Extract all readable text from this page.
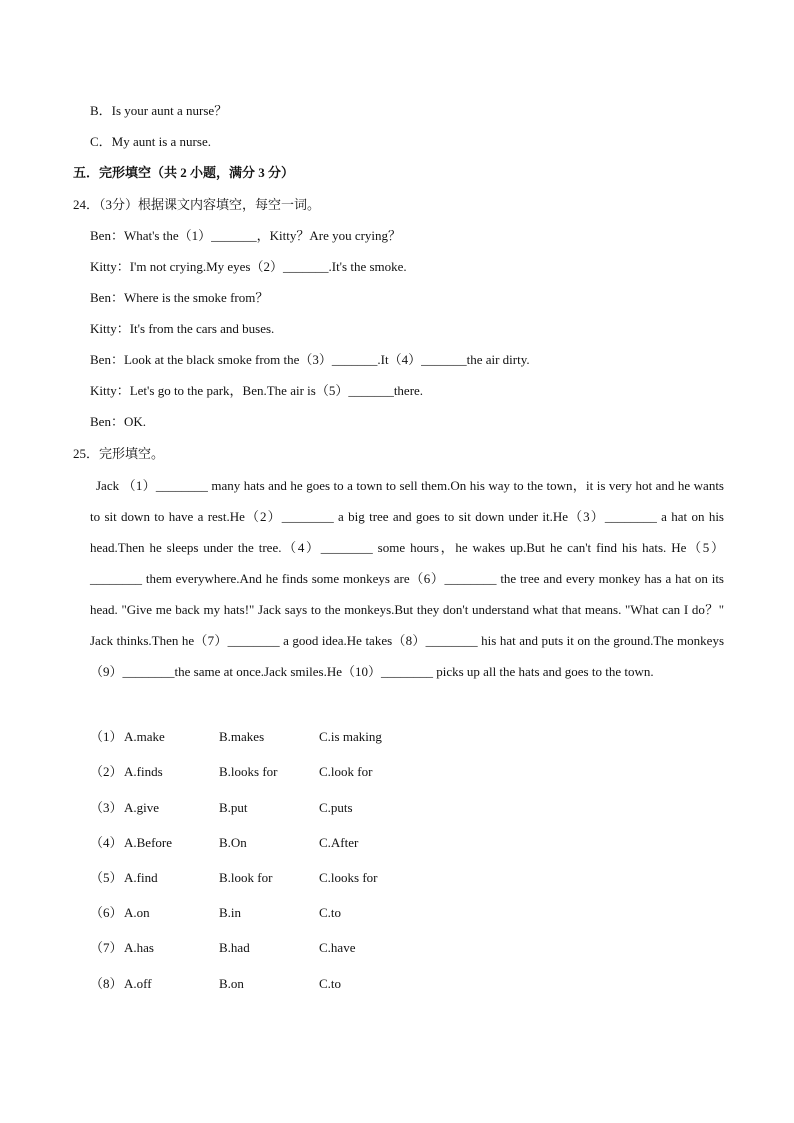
B．Is your aunt a nurse？
C．My aunt is a nurse.
五．完形填空（共 2 小题，满分 3 分）
24．（3分）根据课文内容填空，每空一词。
Ben：What's the（1）_______，Kitty？Are you crying？
Kitty：I'm not crying.My eyes（2）_______.It's the smoke.
Ben：Where is the smoke from？
Kitty：It's from the cars and buses.
Ben：Look at the black smoke from the（3）_______.It（4）_______the air dirty.
Kitty：Let's go to the park，Ben.The air is（5）_______there.
Ben：OK.
25．完形填空。
Jack （1）________ many hats and he goes to a town to sell them.On his way to the town，it is very hot and he wants to sit down to have a rest.He（2）________ a big tree and goes to sit down under it.He（3）________ a hat on his head.Then he sleeps under the tree.（4）________ some hours，he wakes up.But he can't find his hats. He（5）________ them everywhere.And he finds some monkeys are（6）________ the tree and every monkey has a hat on its head. "Give me back my hats!" Jack says to the monkeys.But they don't understand what that means. "What can I do？" Jack thinks.Then he（7）________ a good idea.He takes（8）________ his hat and puts it on the ground.The monkeys （9）________the same at once.Jack smiles.He（10）________ picks up all the hats and goes to the town.
（1） A.make	B.makes	C.is making
（2） A.finds	B.looks for	C.look for
（3） A.give	B.put	C.puts
（4） A.Before	B.On	C.After
（5） A.find	B.look for	C.looks for
（6） A.on	B.in	C.to
（7） A.has	B.had	C.have
（8） A.off	B.on	C.to
